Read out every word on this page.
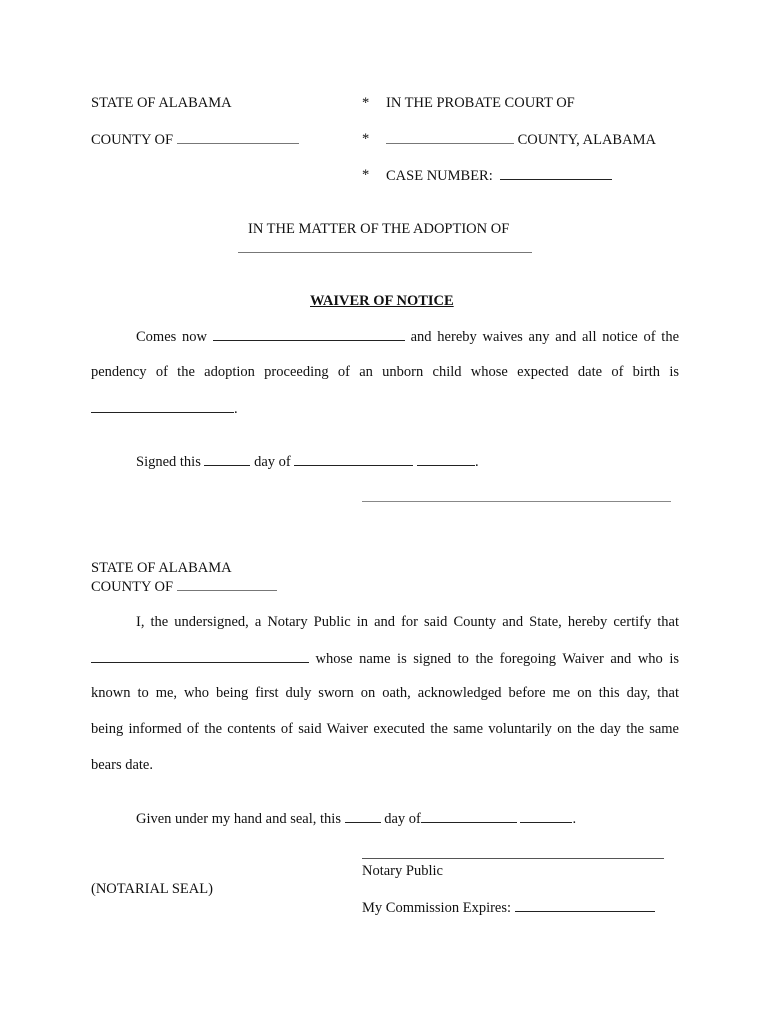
STATE OF ALABAMA	* IN THE PROBATE COURT OF
COUNTY OF	*	COUNTY, ALABAMA
* CASE NUMBER:
IN THE MATTER OF THE ADOPTION OF
WAIVER OF NOTICE
Comes now	and hereby waives any and all notice of the
pendency of the adoption proceeding of an unborn child whose expected date of birth is
.
Signed this	day of	.
STATE OF ALABAMA
COUNTY OF
I, the undersigned, a Notary Public in and for said County and State, hereby certify that
whose name is signed to the foregoing Waiver and who is
known to me, who being first duly sworn on oath, acknowledged before me on this day, that
being informed of the contents of said Waiver executed the same voluntarily on the day the same
bears date.
Given under my hand and seal, this	day of	.
Notary Public
(NOTARIAL SEAL)
My Commission Expires:
